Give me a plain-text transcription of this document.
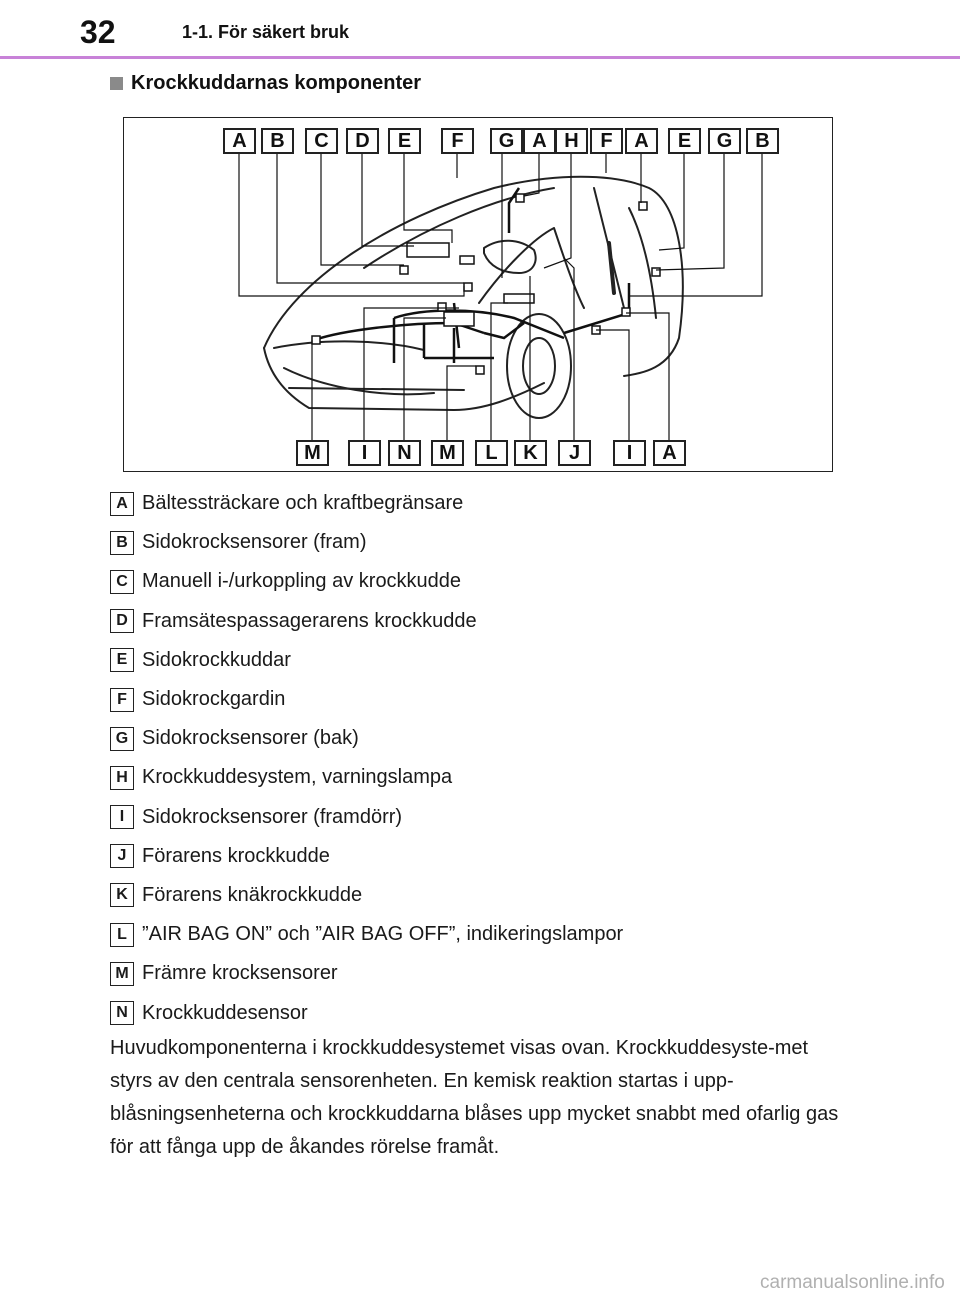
32	1-1. För säkert bruk
Krockkuddarnas komponenter
A	B	C	D	E	F	G A H	F	A	E	G	B
M	I	N	M	L	K	J	I	A
A Bältessträckare och kraftbegränsare
B Sidokrocksensorer (fram)
C Manuell i-/urkoppling av krockkudde
D Framsätespassagerarens krockkudde
E Sidokrockkuddar
F Sidokrockgardin
G Sidokrocksensorer (bak)
H Krockkuddesystem, varningslampa
I Sidokrocksensorer (framdörr)
J Förarens krockkudde
K Förarens knäkrockkudde
L ”AIR BAG ON” och ”AIR BAG OFF”, indikeringslampor
M Främre krocksensorer
N Krockkuddesensor
Huvudkomponenterna i krockkuddesystemet visas ovan. Krockkuddesyste-met styrs av den centrala sensorenheten. En kemisk reaktion startas i upp-blåsningsenheterna och krockkuddarna blåses upp mycket snabbt med ofarlig gas för att fånga upp de åkandes rörelse framåt.
carmanualsonline.info
